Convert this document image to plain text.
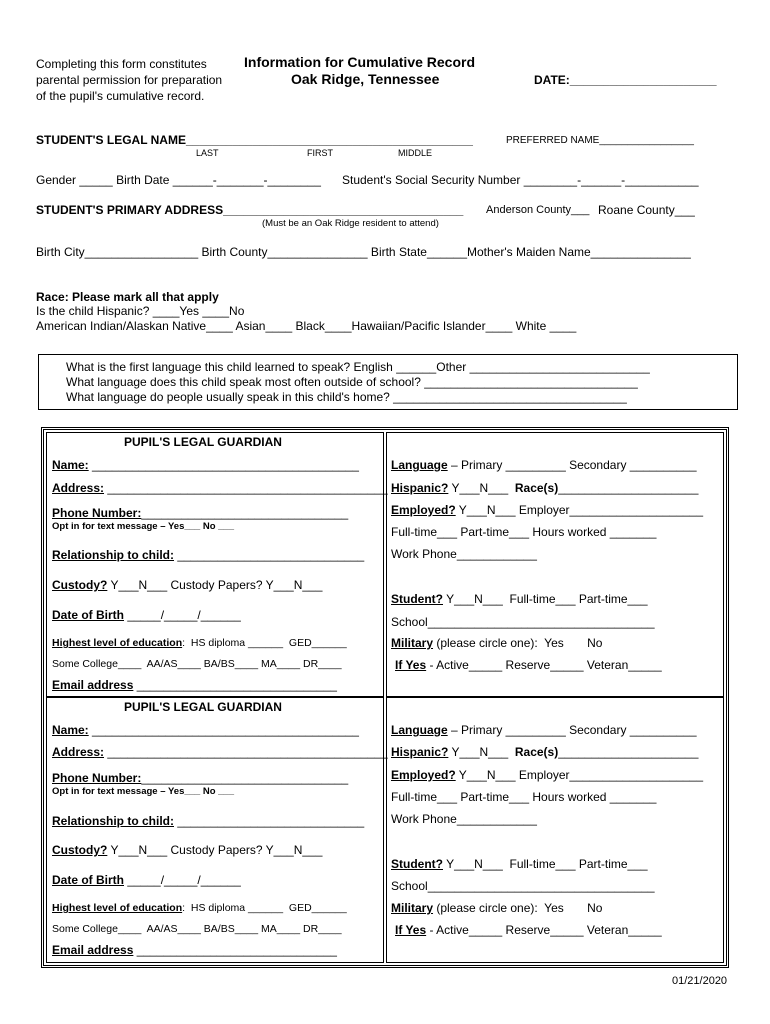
Completing this form constitutes
parental permission for preparation
of the pupil's cumulative record.
Information for Cumulative Record
Oak Ridge, Tennessee	DATE:______________________
STUDENT'S LEGAL NAME___________________________________________	PREFERRED NAME_________________
LAST	FIRST	MIDDLE
Gender _____ Birth Date ______-_______-________ Student's Social Security Number ________-______-___________
STUDENT'S PRIMARY ADDRESS____________________________________ Anderson County___ Roane County___
(Must be an Oak Ridge resident to attend)
Birth City_________________ Birth County_______________ Birth State______Mother's Maiden Name_______________
Race: Please mark all that apply
Is the child Hispanic? ____Yes ____No
American Indian/Alaskan Native____ Asian____ Black____Hawaiian/Pacific Islander____ White ____
What is the first language this child learned to speak? English ______Other ___________________________
What language does this child speak most often outside of school? ________________________________
What language do people usually speak in this child's home? ___________________________________
PUPIL'S LEGAL GUARDIAN
Name: ________________________________________
Address: __________________________________________
Phone Number:_______________________________
Opt in for text message – Yes___ No ___
Relationship to child: ____________________________
Custody? Y___N___ Custody Papers? Y___N___
Date of Birth _____/_____/______
Highest level of education:  HS diploma ______  GED______
Some College____  AA/AS____ BA/BS____ MA____ DR____
Email address ______________________________
Language – Primary _________ Secondary __________
Hispanic? Y___N___  Race(s)_____________________
Employed? Y___N___ Employer____________________
Full-time___ Part-time___ Hours worked _______
Work Phone____________
Student? Y___N___  Full-time___ Part-time___
School__________________________________
Military (please circle one):  Yes       No
If Yes - Active_____ Reserve_____ Veteran_____
PUPIL'S LEGAL GUARDIAN
Name: ________________________________________
Address: __________________________________________
Phone Number:_______________________________
Opt in for text message – Yes___ No ___
Relationship to child: ____________________________
Custody? Y___N___ Custody Papers? Y___N___
Date of Birth _____/_____/______
Highest level of education:  HS diploma ______  GED______
Some College____  AA/AS____ BA/BS____ MA____ DR____
Email address ______________________________
Language – Primary _________ Secondary __________
Hispanic? Y___N___  Race(s)_____________________
Employed? Y___N___ Employer____________________
Full-time___ Part-time___ Hours worked _______
Work Phone____________
Student? Y___N___  Full-time___ Part-time___
School__________________________________
Military (please circle one):  Yes       No
If Yes - Active_____ Reserve_____ Veteran_____
01/21/2020
